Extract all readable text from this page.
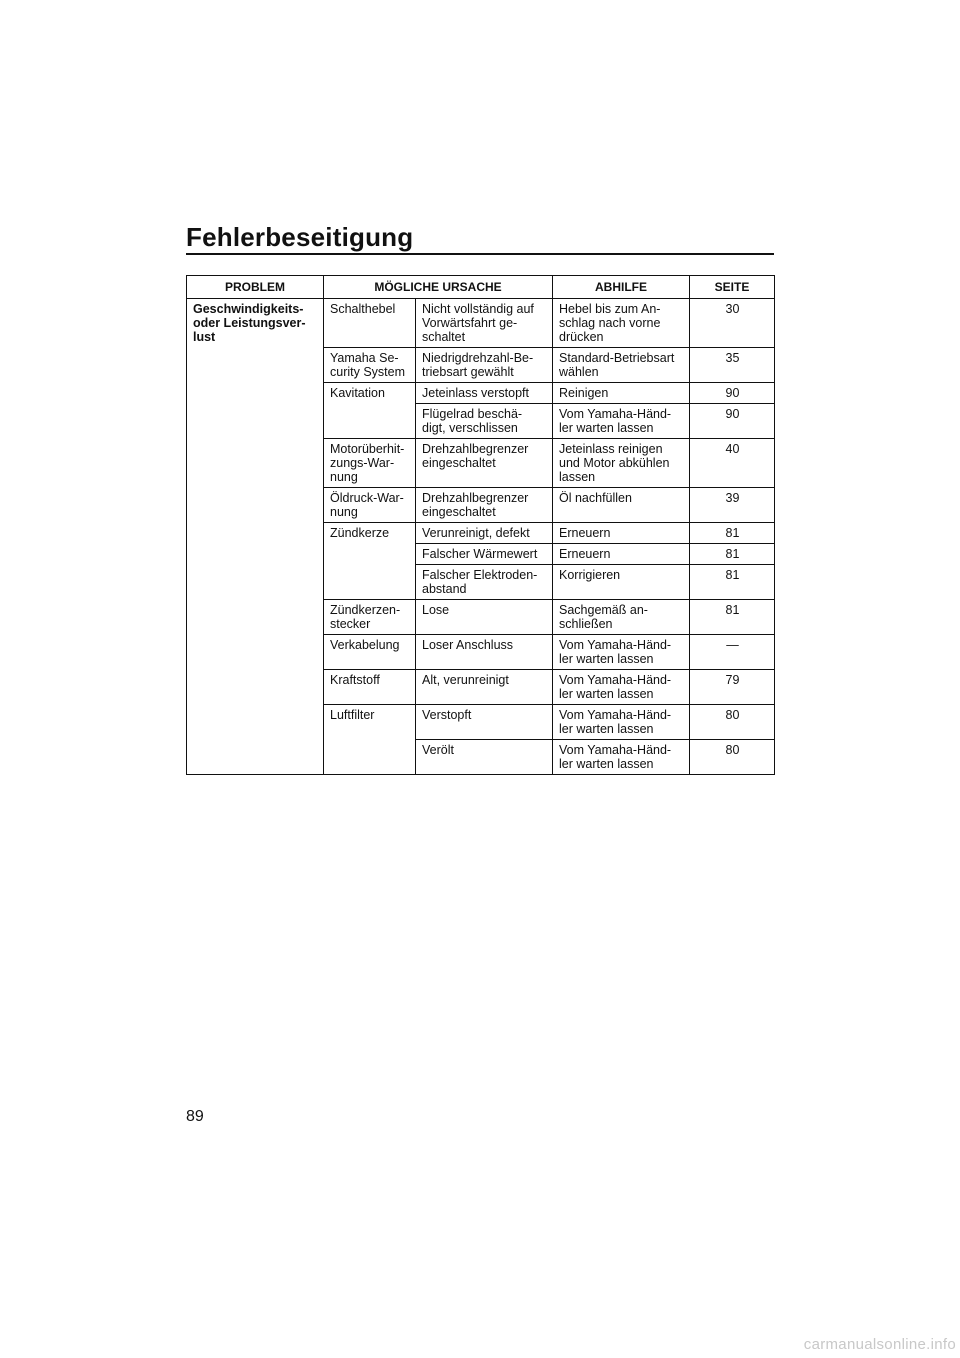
Fehlerbeseitigung
PROBLEM	MÖGLICHE URSACHE		ABHILFE	SEITE

Geschwindigkeits-
oder Leistungsver-
lust	Schalthebel	Nicht vollständig auf
Vorwärtsfahrt ge-
schaltet	Hebel bis zum An-
schlag nach vorne
drücken	30

	Yamaha Se-
curity System	Niedrigdrehzahl-Be-
triebsart gewählt	Standard-Betriebsart
wählen	35

	Kavitation	Jeteinlass verstopft	Reinigen	90

		Flügelrad beschä-
digt, verschlissen	Vom Yamaha-Händ-
ler warten lassen	90

	Motorüberhit-
zungs-War-
nung	Drehzahlbegrenzer
eingeschaltet	Jeteinlass reinigen
und Motor abkühlen
lassen	40

	Öldruck-War-
nung	Drehzahlbegrenzer
eingeschaltet	Öl nachfüllen	39

	Zündkerze	Verunreinigt, defekt	Erneuern	81

		Falscher Wärmewert	Erneuern	81

		Falscher Elektroden-
abstand	Korrigieren	81

	Zündkerzen-
stecker	Lose	Sachgemäß an-
schließen	81

	Verkabelung	Loser Anschluss	Vom Yamaha-Händ-
ler warten lassen	—

	Kraftstoff	Alt, verunreinigt	Vom Yamaha-Händ-
ler warten lassen	79

	Luftfilter	Verstopft	Vom Yamaha-Händ-
ler warten lassen	80

		Verölt	Vom Yamaha-Händ-
ler warten lassen	80
89
carmanualsonline.info
